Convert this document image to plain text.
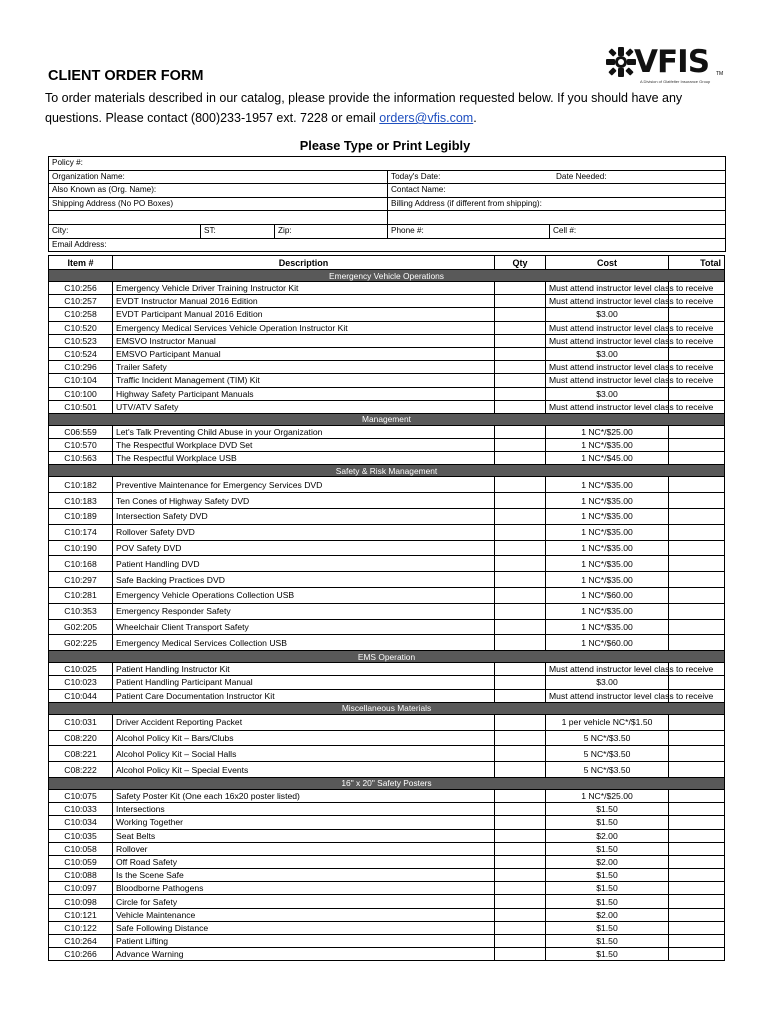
VFIS TM
A Division of Glatfelter Insurance Group
CLIENT ORDER FORM
To order materials described in our catalog, please provide the information requested below. If you should have any
questions. Please contact (800)233-1957 ext. 7228 or email orders@vfis.com.
Please Type or Print Legibly
Policy #:
Organization Name:	Today's Date:	Date Needed:
Also Known as (Org. Name):	Contact Name:
Shipping Address (No PO Boxes)	Billing Address (if different from shipping):
City:	ST:	Zip:	Phone #:	Cell #:
Email Address:
Item #	Description	Qty	Cost	Total
Emergency Vehicle Operations				
C10:256	Emergency Vehicle Driver Training Instructor Kit		Must attend instructor level class to receive	
C10:257	EVDT Instructor Manual 2016 Edition		Must attend instructor level class to receive	
C10:258	EVDT Participant Manual 2016 Edition		$3.00	
C10:520	Emergency Medical Services Vehicle Operation Instructor Kit		Must attend instructor level class to receive	
C10:523	EMSVO Instructor Manual		Must attend instructor level class to receive	
C10:524	EMSVO Participant Manual		$3.00	
C10:296	Trailer Safety		Must attend instructor level class to receive	
C10:104	Traffic Incident Management (TIM) Kit		Must attend instructor level class to receive	
C10:100	Highway Safety Participant Manuals		$3.00	
C10:501	UTV/ATV Safety		Must attend instructor level class to receive	
Management				
C06:559	Let's Talk Preventing Child Abuse in your Organization		1 NC*/$25.00	
C10:570	The Respectful Workplace DVD Set		1 NC*/$35.00	
C10:563	The Respectful Workplace USB		1 NC*/$45.00	
Safety & Risk Management				
C10:182	Preventive Maintenance for Emergency Services DVD		1 NC*/$35.00	
C10:183	Ten Cones of Highway Safety DVD		1 NC*/$35.00	
C10:189	Intersection Safety DVD		1 NC*/$35.00	
C10:174	Rollover Safety DVD		1 NC*/$35.00	
C10:190	POV Safety DVD		1 NC*/$35.00	
C10:168	Patient Handling DVD		1 NC*/$35.00	
C10:297	Safe Backing Practices DVD		1 NC*/$35.00	
C10:281	Emergency Vehicle Operations Collection USB		1 NC*/$60.00	
C10:353	Emergency Responder Safety		1 NC*/$35.00	
G02:205	Wheelchair Client Transport Safety		1 NC*/$35.00	
G02:225	Emergency Medical Services Collection USB		1 NC*/$60.00	
EMS Operation				
C10:025	Patient Handling Instructor Kit		Must attend instructor level class to receive	
C10:023	Patient Handling Participant Manual		$3.00	
C10:044	Patient Care Documentation Instructor Kit		Must attend instructor level class to receive	
Miscellaneous Materials				
C10:031	Driver Accident Reporting Packet		1 per vehicle NC*/$1.50	
C08:220	Alcohol Policy Kit – Bars/Clubs		5 NC*/$3.50	
C08:221	Alcohol Policy Kit – Social Halls		5 NC*/$3.50	
C08:222	Alcohol Policy Kit – Special Events		5 NC*/$3.50	
16" x 20" Safety Posters				
C10:075	Safety Poster Kit (One each 16x20 poster listed)		1 NC*/$25.00	
C10:033	Intersections		$1.50	
C10:034	Working Together		$1.50	
C10:035	Seat Belts		$2.00	
C10:058	Rollover		$1.50	
C10:059	Off Road Safety		$2.00	
C10:088	Is the Scene Safe		$1.50	
C10:097	Bloodborne Pathogens		$1.50	
C10:098	Circle for Safety		$1.50	
C10:121	Vehicle Maintenance		$2.00	
C10:122	Safe Following Distance		$1.50	
C10:264	Patient Lifting		$1.50	
C10:266	Advance Warning		$1.50	
